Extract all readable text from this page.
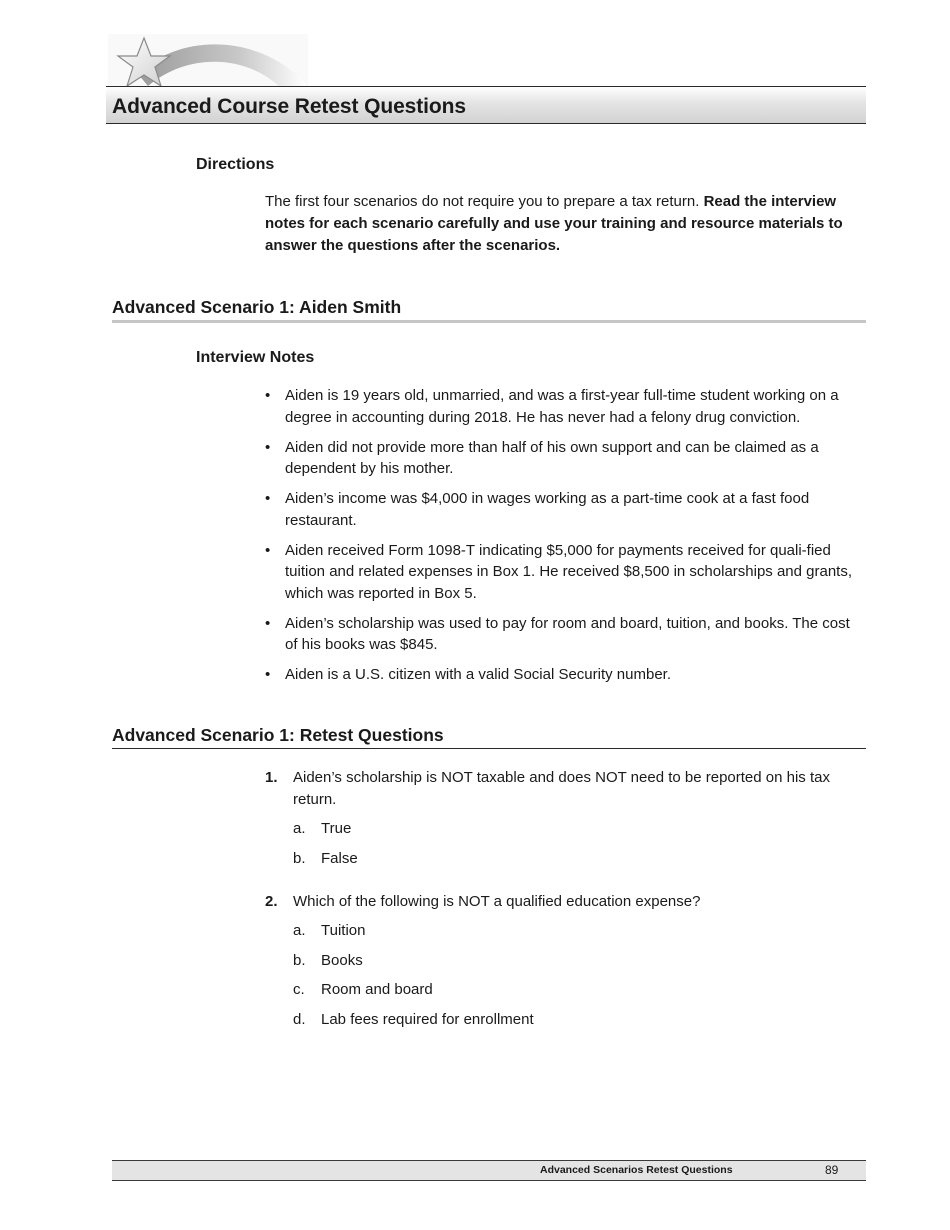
Advanced Course Retest Questions
Directions
The first four scenarios do not require you to prepare a tax return. Read the interview notes for each scenario carefully and use your training and resource materials to answer the questions after the scenarios.
Advanced Scenario 1: Aiden Smith
Interview Notes
• Aiden is 19 years old, unmarried, and was a first-year full-time student working on a degree in accounting during 2018. He has never had a felony drug conviction.
• Aiden did not provide more than half of his own support and can be claimed as a dependent by his mother.
• Aiden’s income was $4,000 in wages working as a part-time cook at a fast food restaurant.
• Aiden received Form 1098-T indicating $5,000 for payments received for quali-fied tuition and related expenses in Box 1. He received $8,500 in scholarships and grants, which was reported in Box 5.
• Aiden’s scholarship was used to pay for room and board, tuition, and books. The cost of his books was $845.
• Aiden is a U.S. citizen with a valid Social Security number.
Advanced Scenario 1: Retest Questions
1.	Aiden’s scholarship is NOT taxable and does NOT need to be reported on his tax return.
a. True
b. False
2.	Which of the following is NOT a qualified education expense?
a. Tuition
b. Books
c. Room and board
d. Lab fees required for enrollment
Advanced Scenarios Retest Questions	89
